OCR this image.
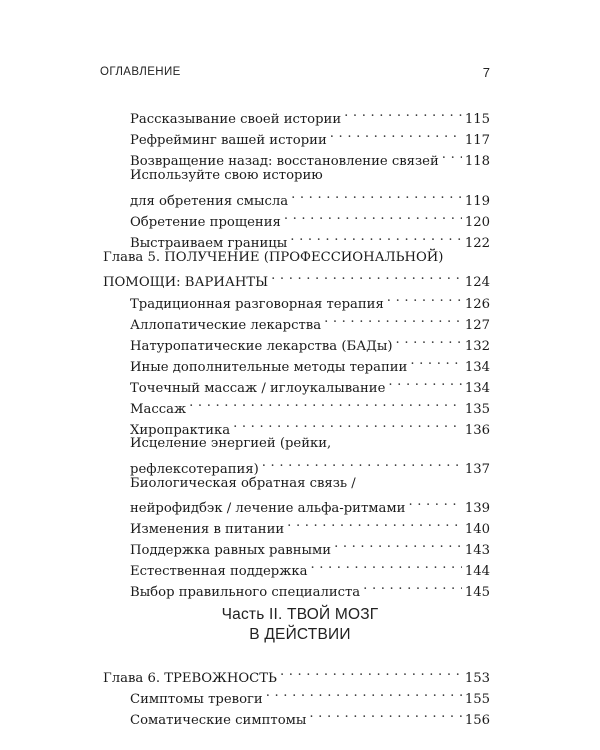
ОГЛАВЛЕНИЕ	7
Рассказывание своей истории . . .	115
Рефрейминг вашей истории . . .	117
Возвращение назад: восстановление связей . . . 118
Используйте свою историю
для обретения смысла . . .	119
Обретение прощения . . .	120
Выстраиваем границы . . .	122
Глава 5. ПОЛУЧЕНИЕ (ПРОФЕССИОНАЛЬНОЙ)
ПОМОЩИ: ВАРИАНТЫ . . .	124
Традиционная разговорная терапия . . .	126
Аллопатические лекарства . . .	127
Натуропатические лекарства (БАДы) . . .	132
Иные дополнительные методы терапии . . .	134
Точечный массаж / иглоукалывание . . .	134
Массаж . . .	135
Хиропрактика . . .	136
Исцеление энергией (рейки,
рефлексотерапия) . . .	137
Биологическая обратная связь /
нейрофидбэк / лечение альфа-ритмами . . .	139
Изменения в питании . . .	140
Поддержка равных равными . . .	143
Естественная поддержка . . .	144
Выбор правильного специалиста . . .	145
Часть II. ТВОЙ МОЗГ
В ДЕЙСТВИИ
Глава 6. ТРЕВОЖНОСТЬ . . .	153
Симптомы тревоги . . .	155
Соматические симптомы . . .	156
